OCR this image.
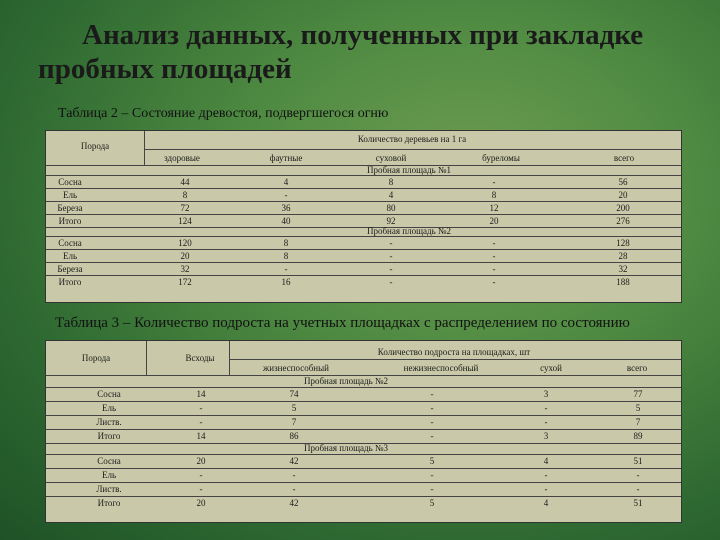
Анализ данных, полученных при закладке пробных площадей
Таблица 2 – Состояние древостоя, подвергшегося огню
Порода
Количество деревьев на 1 га
здоровые	фаутные	суховой	буреломы	всего
Пробная площадь №1
Сосна	44	4	8	-	56
Ель	8	-	4	8	20
Береза	72	36	80	12	200
Итого	124	40	92	20	276
Пробная площадь №2
Сосна	120	8	-	-	128
Ель	20	8	-	-	28
Береза	32	-	-	-	32
Итого	172	16	-	-	188
Таблица 3 – Количество подроста на учетных площадках с распределением по состоянию
Порода	Всходы
Количество подроста на площадках, шт
жизнеспособный	нежизнеспособный	сухой	всего
Пробная площадь №2
Сосна	14	74	-	3	77
Ель	-	5	-	-	5
Листв.	-	7	-	-	7
Итого	14	86	-	3	89
Пробная площадь №3
Сосна	20	42	5	4	51
Ель	-	-	-	-	-
Листв.	-	-	-	-	-
Итого	20	42	5	4	51
